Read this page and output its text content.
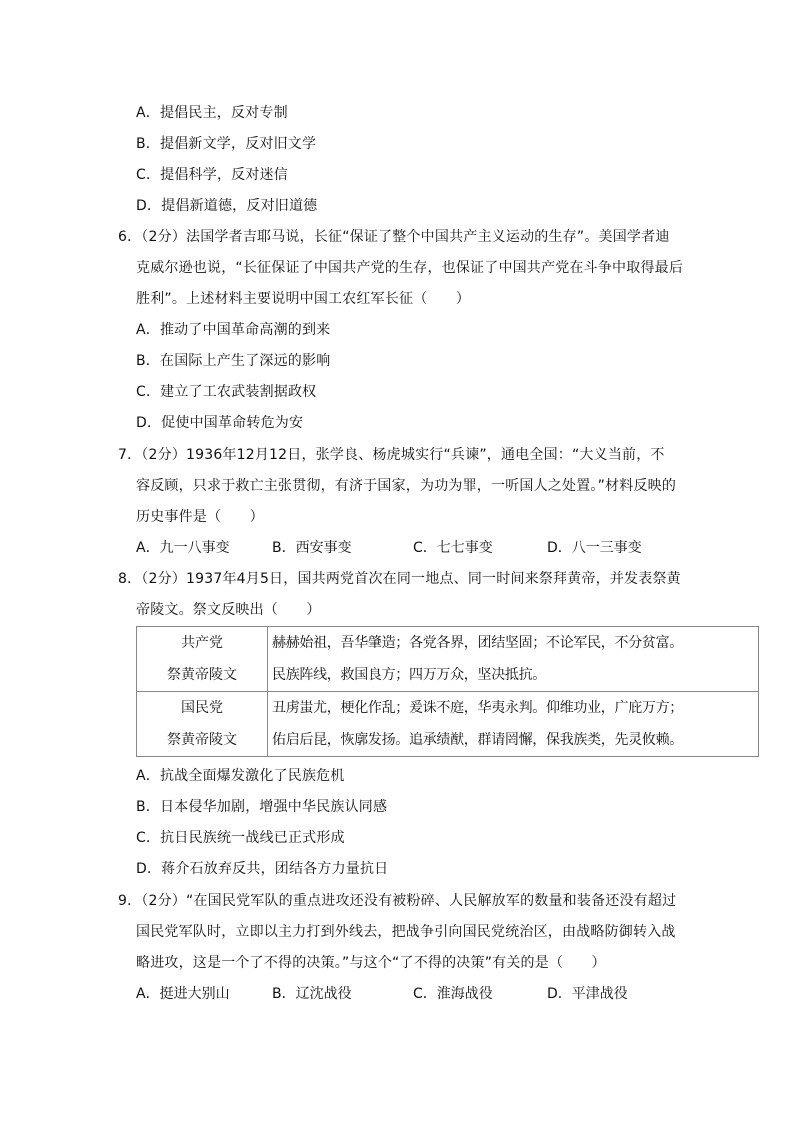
A．提倡民主，反对专制
B．提倡新文学，反对旧文学
C．提倡科学，反对迷信
D．提倡新道德，反对旧道德
6．（2分）法国学者吉耶马说，长征“保证了整个中国共产主义运动的生存”。美国学者迪
克威尔逊也说，“长征保证了中国共产党的生存，也保证了中国共产党在斗争中取得最后
胜利”。上述材料主要说明中国工农红军长征（　　）
A．推动了中国革命高潮的到来
B．在国际上产生了深远的影响
C．建立了工农武装割据政权
D．促使中国革命转危为安
7．（2分）1936年12月12日，张学良、杨虎城实行“兵谏”，通电全国：“大义当前，不
容反顾，只求于救亡主张贯彻，有济于国家，为功为罪，一听国人之处置。”材料反映的
历史事件是（　　）
A．九一八事变	B．西安事变	C．七七事变	D．八一三事变
8．（2分）1937年4月5日，国共两党首次在同一地点、同一时间来祭拜黄帝，并发表祭黄
帝陵文。祭文反映出（　　）
共产党
祭黄帝陵文	赫赫始祖，吾华肇造；各党各界，团结坚固；不论军民，不分贫富。
民族阵线，救国良方；四万万众，坚决抵抗。

国民党
祭黄帝陵文	丑虏蚩尤，梗化作乱；爰诛不庭，华夷永判。仰维功业，广庇万方；
佑启后昆，恢廓发扬。追承绩猷，群请罔懈，保我族类，先灵攸赖。
A．抗战全面爆发激化了民族危机
B．日本侵华加剧，增强中华民族认同感
C．抗日民族统一战线已正式形成
D．蒋介石放弃反共，团结各方力量抗日
9．（2分）“在国民党军队的重点进攻还没有被粉碎、人民解放军的数量和装备还没有超过
国民党军队时，立即以主力打到外线去，把战争引向国民党统治区，由战略防御转入战
略进攻，这是一个了不得的决策。”与这个“了不得的决策”有关的是（　　）
A．挺进大别山	B．辽沈战役	C．淮海战役	D．平津战役
